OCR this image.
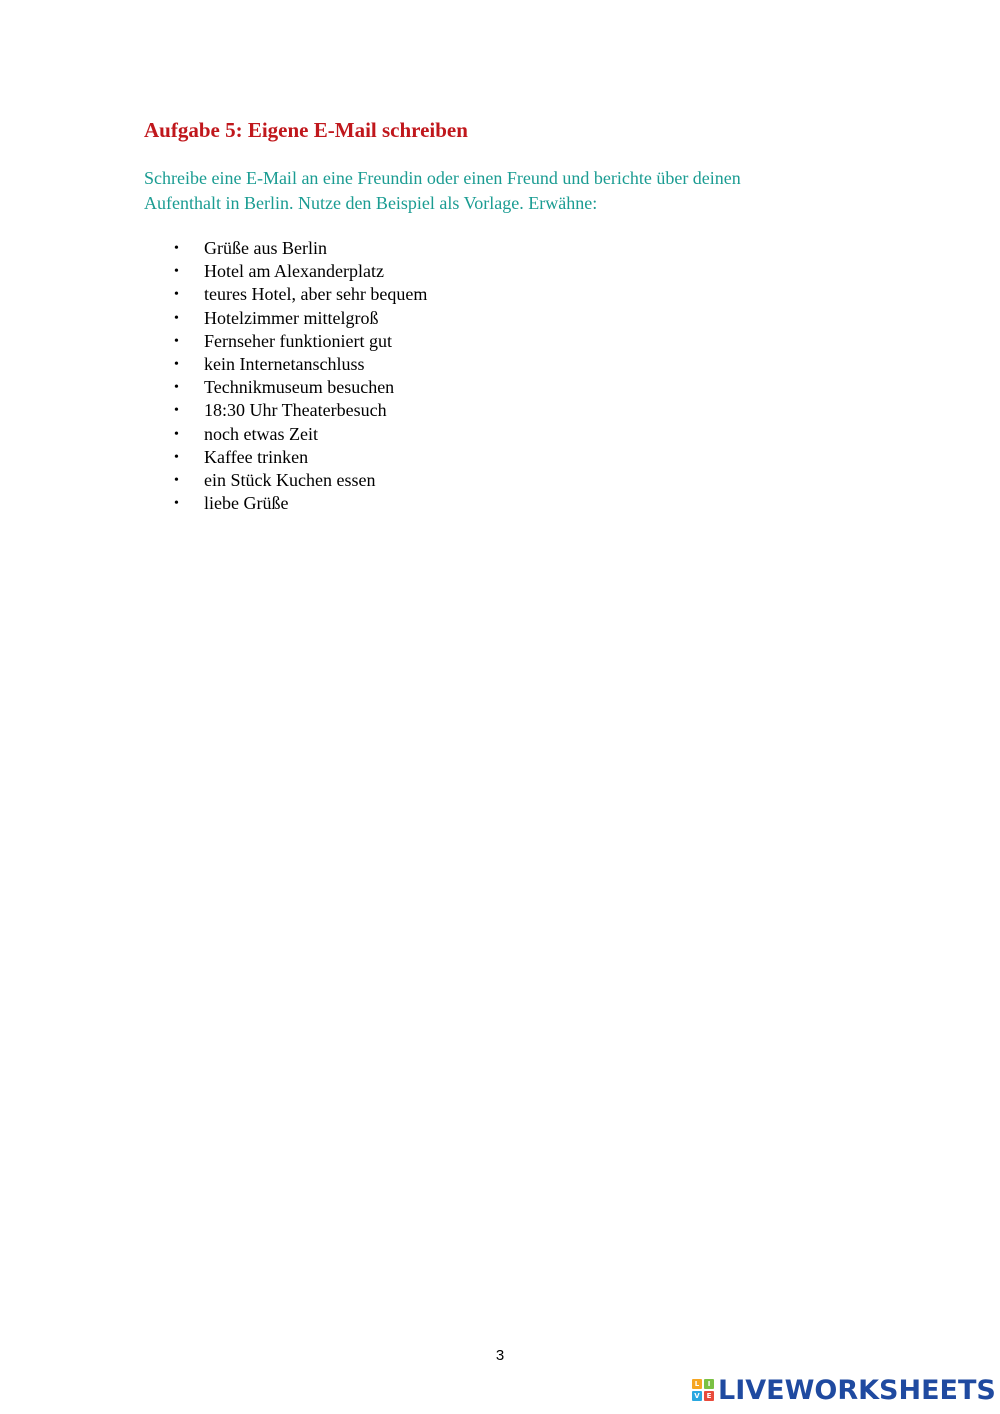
Aufgabe 5: Eigene E-Mail schreiben

Schreibe eine E-Mail an eine Freundin oder einen Freund und berichte über deinen
Aufenthalt in Berlin. Nutze den Beispiel als Vorlage. Erwähne:

• Grüße aus Berlin
• Hotel am Alexanderplatz
• teures Hotel, aber sehr bequem
• Hotelzimmer mittelgroß
• Fernseher funktioniert gut
• kein Internetanschluss
• Technikmuseum besuchen
• 18:30 Uhr Theaterbesuch
• noch etwas Zeit
• Kaffee trinken
• ein Stück Kuchen essen
• liebe Grüße
3
L	I
V E LIVEWORKSHEETS
